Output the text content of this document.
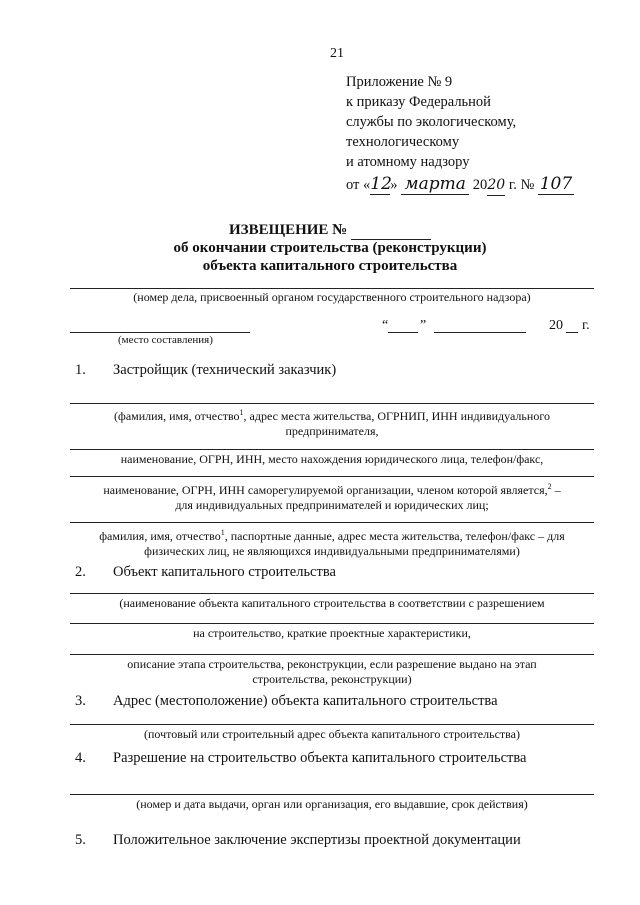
21
Приложение № 9
к приказу Федеральной
службы по экологическому,
технологическому
и атомному надзору
от «12» марта 2020 г. № 107
ИЗВЕЩЕНИЕ №
об окончании строительства (реконструкции)
объекта капитального строительства
(номер дела, присвоенный органом государственного строительного надзора)
(место составления)
“ ”	20 г.
1. Застройщик (технический заказчик)
(фамилия, имя, отчество$^1$, адрес места жительства, ОГРНИП, ИНН индивидуального
предпринимателя,
наименование, ОГРН, ИНН, место нахождения юридического лица, телефон/факс,
наименование, ОГРН, ИНН саморегулируемой организации, членом которой является,$^2$ –
для индивидуальных предпринимателей и юридических лиц;
фамилия, имя, отчество$^1$, паспортные данные, адрес места жительства, телефон/факс – для
физических лиц, не являющихся индивидуальными предпринимателями)
2. Объект капитального строительства
(наименование объекта капитального строительства в соответствии с разрешением
на строительство, краткие проектные характеристики,
описание этапа строительства, реконструкции, если разрешение выдано на этап
строительства, реконструкции)
3. Адрес (местоположение) объекта капитального строительства
(почтовый или строительный адрес объекта капитального строительства)
4. Разрешение на строительство объекта капитального строительства
(номер и дата выдачи, орган или организация, его выдавшие, срок действия)
5. Положительное заключение экспертизы проектной документации
